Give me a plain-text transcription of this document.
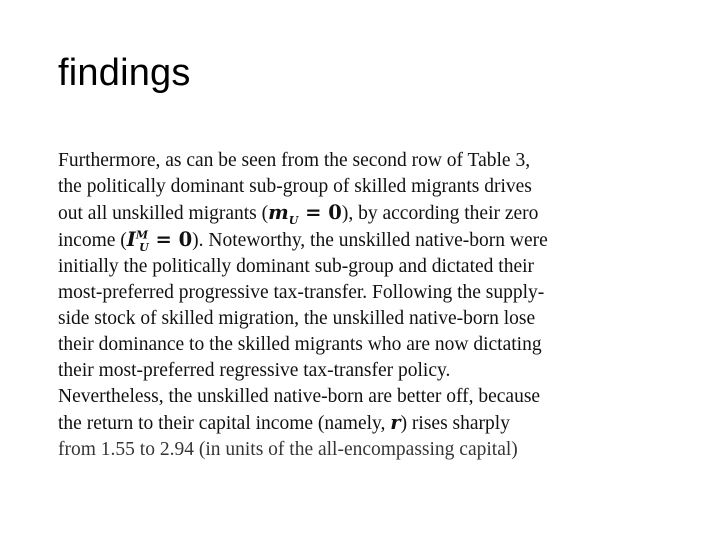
findings
Furthermore, as can be seen from the second row of Table 3,
the politically dominant sub-group of skilled migrants drives
out all unskilled migrants $(m_U = 0)$, by according their zero
income $(I^M_U = 0)$. Noteworthy, the unskilled native-born were
initially the politically dominant sub-group and dictated their
most-preferred progressive tax-transfer. Following the supply-
side stock of skilled migration, the unskilled native-born lose
their dominance to the skilled migrants who are now dictating
their most-preferred regressive tax-transfer policy.
Nevertheless, the unskilled native-born are better off, because
the return to their capital income (namely, r) rises sharply
from 1.55 to 2.94 (in units of the all-encompassing capital)
